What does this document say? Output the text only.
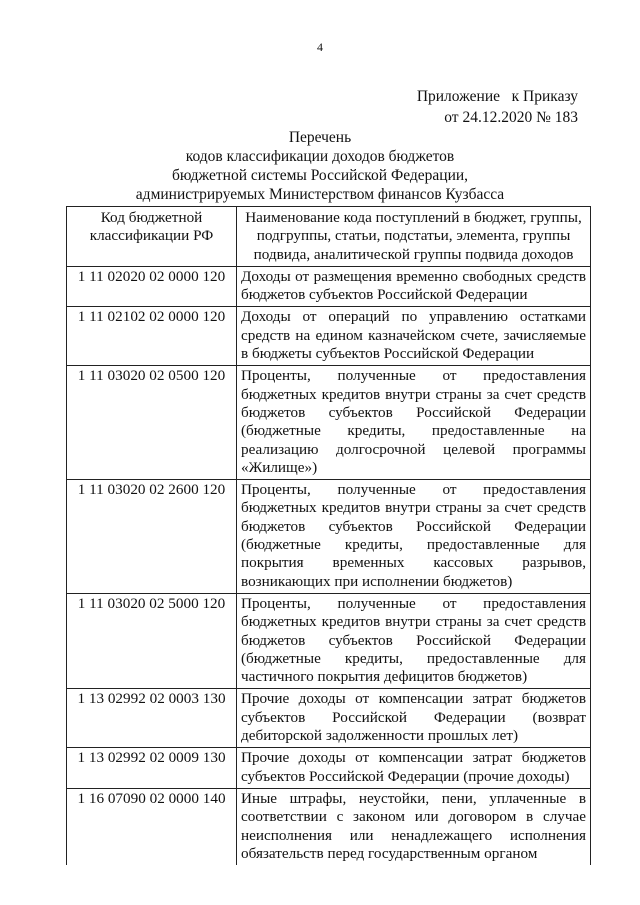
4
Приложение   к Приказу
от 24.12.2020 № 183
Перечень
кодов классификации доходов бюджетов
бюджетной системы Российской Федерации,
администрируемых Министерством финансов Кузбасса
Код бюджетной классификации РФ	Наименование кода поступлений в бюджет, группы, подгруппы, статьи, подстатьи, элемента, группы подвида, аналитической группы подвида доходов
1 11 02020 02 0000 120	Доходы от размещения временно свободных средств бюджетов субъектов Российской Федерации
1 11 02102 02 0000 120	Доходы от операций по управлению остатками средств на едином казначейском счете, зачисляемые в бюджеты субъектов Российской Федерации
1 11 03020 02 0500 120	Проценты, полученные от предоставления бюджетных кредитов внутри страны за счет средств бюджетов субъектов Российской Федерации (бюджетные кредиты, предоставленные на реализацию долгосрочной целевой программы «Жилище»)
1 11 03020 02 2600 120	Проценты, полученные от предоставления бюджетных кредитов внутри страны за счет средств бюджетов субъектов Российской Федерации (бюджетные кредиты, предоставленные для покрытия временных кассовых разрывов, возникающих при исполнении бюджетов)
1 11 03020 02 5000 120	Проценты, полученные от предоставления бюджетных кредитов внутри страны за счет средств бюджетов субъектов Российской Федерации (бюджетные кредиты, предоставленные для частичного покрытия дефицитов бюджетов)
1 13 02992 02 0003 130	Прочие доходы от компенсации затрат бюджетов субъектов Российской Федерации (возврат дебиторской задолженности прошлых лет)
1 13 02992 02 0009 130	Прочие доходы от компенсации затрат бюджетов субъектов Российской Федерации (прочие доходы)
1 16 07090 02 0000 140	Иные штрафы, неустойки, пени, уплаченные в соответствии с законом или договором в случае неисполнения или ненадлежащего исполнения обязательств перед государственным органом
